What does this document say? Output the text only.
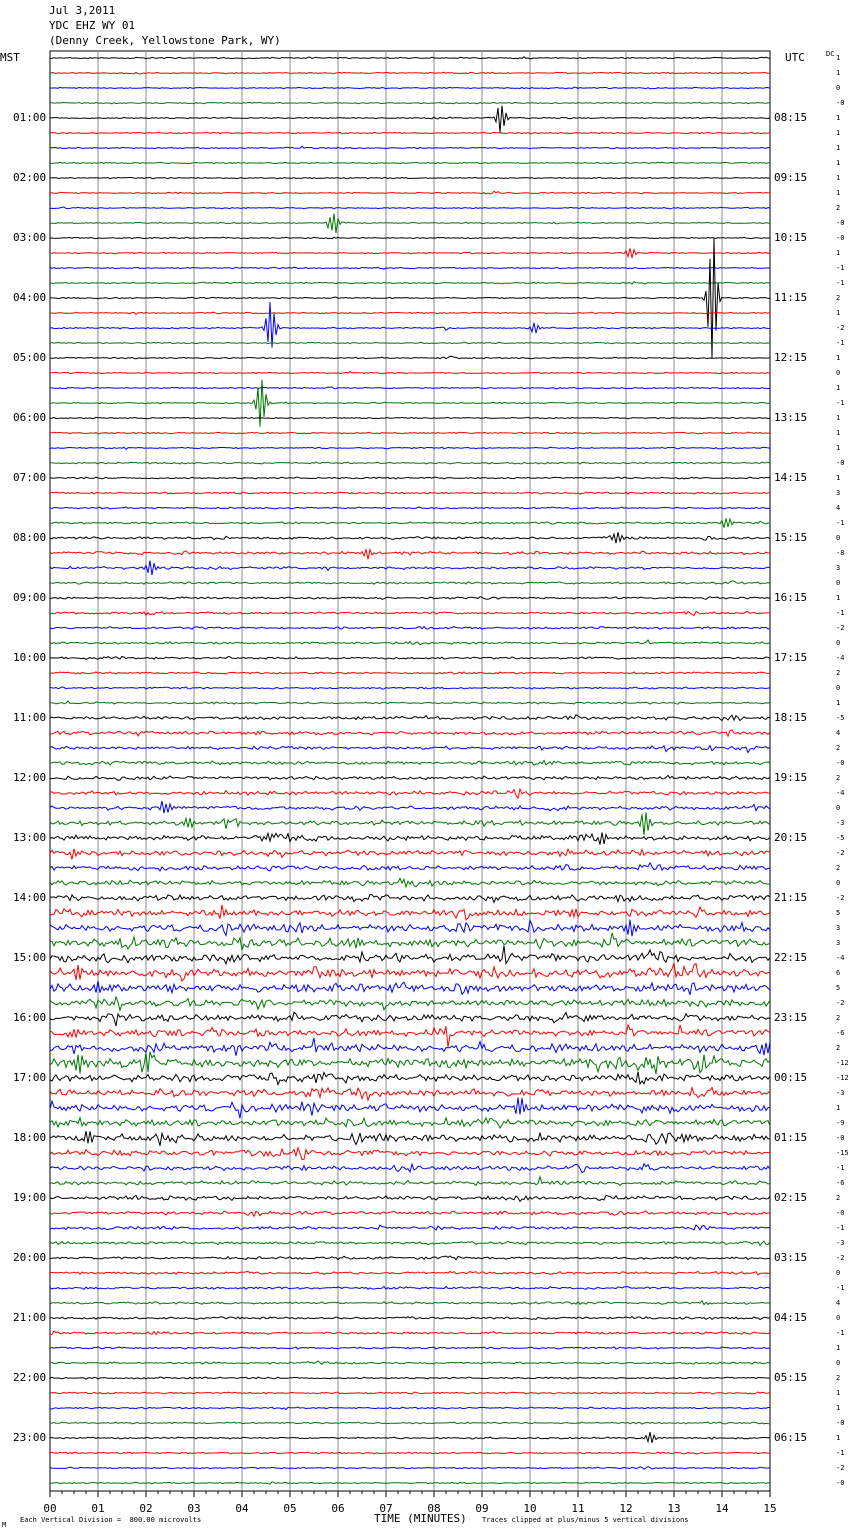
Jul 3,2011
YDC EHZ WY 01
(Denny Creek, Yellowstone Park, WY)
MST	UTC	DC
01:00
02:00
03:00
04:00
05:00
06:00
07:00
08:00
09:00
10:00
11:00
12:00
13:00
14:00
15:00
16:00
17:00
18:00
19:00
20:00
21:00
22:00
23:00
08:15
09:15
10:15
11:15
12:15
13:15
14:15
15:15
16:15
17:15
18:15
19:15
20:15
21:15
22:15
23:15
00:15
01:15
02:15
03:15
04:15
05:15
06:15
1
1
0
-0
1
1
1
1
1
1
2
-0
-0
1
-1
-1
2
1
-2
-1
1
0
1
-1
1
1
1
-0
1
3
4
-1
0
-8
3
0
1
-1
-2
0
-4
2
0
1
-5
4
2
-0
2
-4
0
-3
-5
-2
2
0
-2
5
3
3
-4
6
5
-2
2
-6
2
-12
-12
-3
1
-9
-0
-15
-1
-6
2
-0
-1
-3
-2
0
-1
4
0
-1
1
0
2
1
1
-0
1
-1
-2
-0
00	01	02	03	04	05	06	07	08	09	10	11	12	13	14	15
Each Vertical Division =  800.00 microvolts	Traces clipped at plus/minus 5 vertical divisions
M	TIME (MINUTES)
